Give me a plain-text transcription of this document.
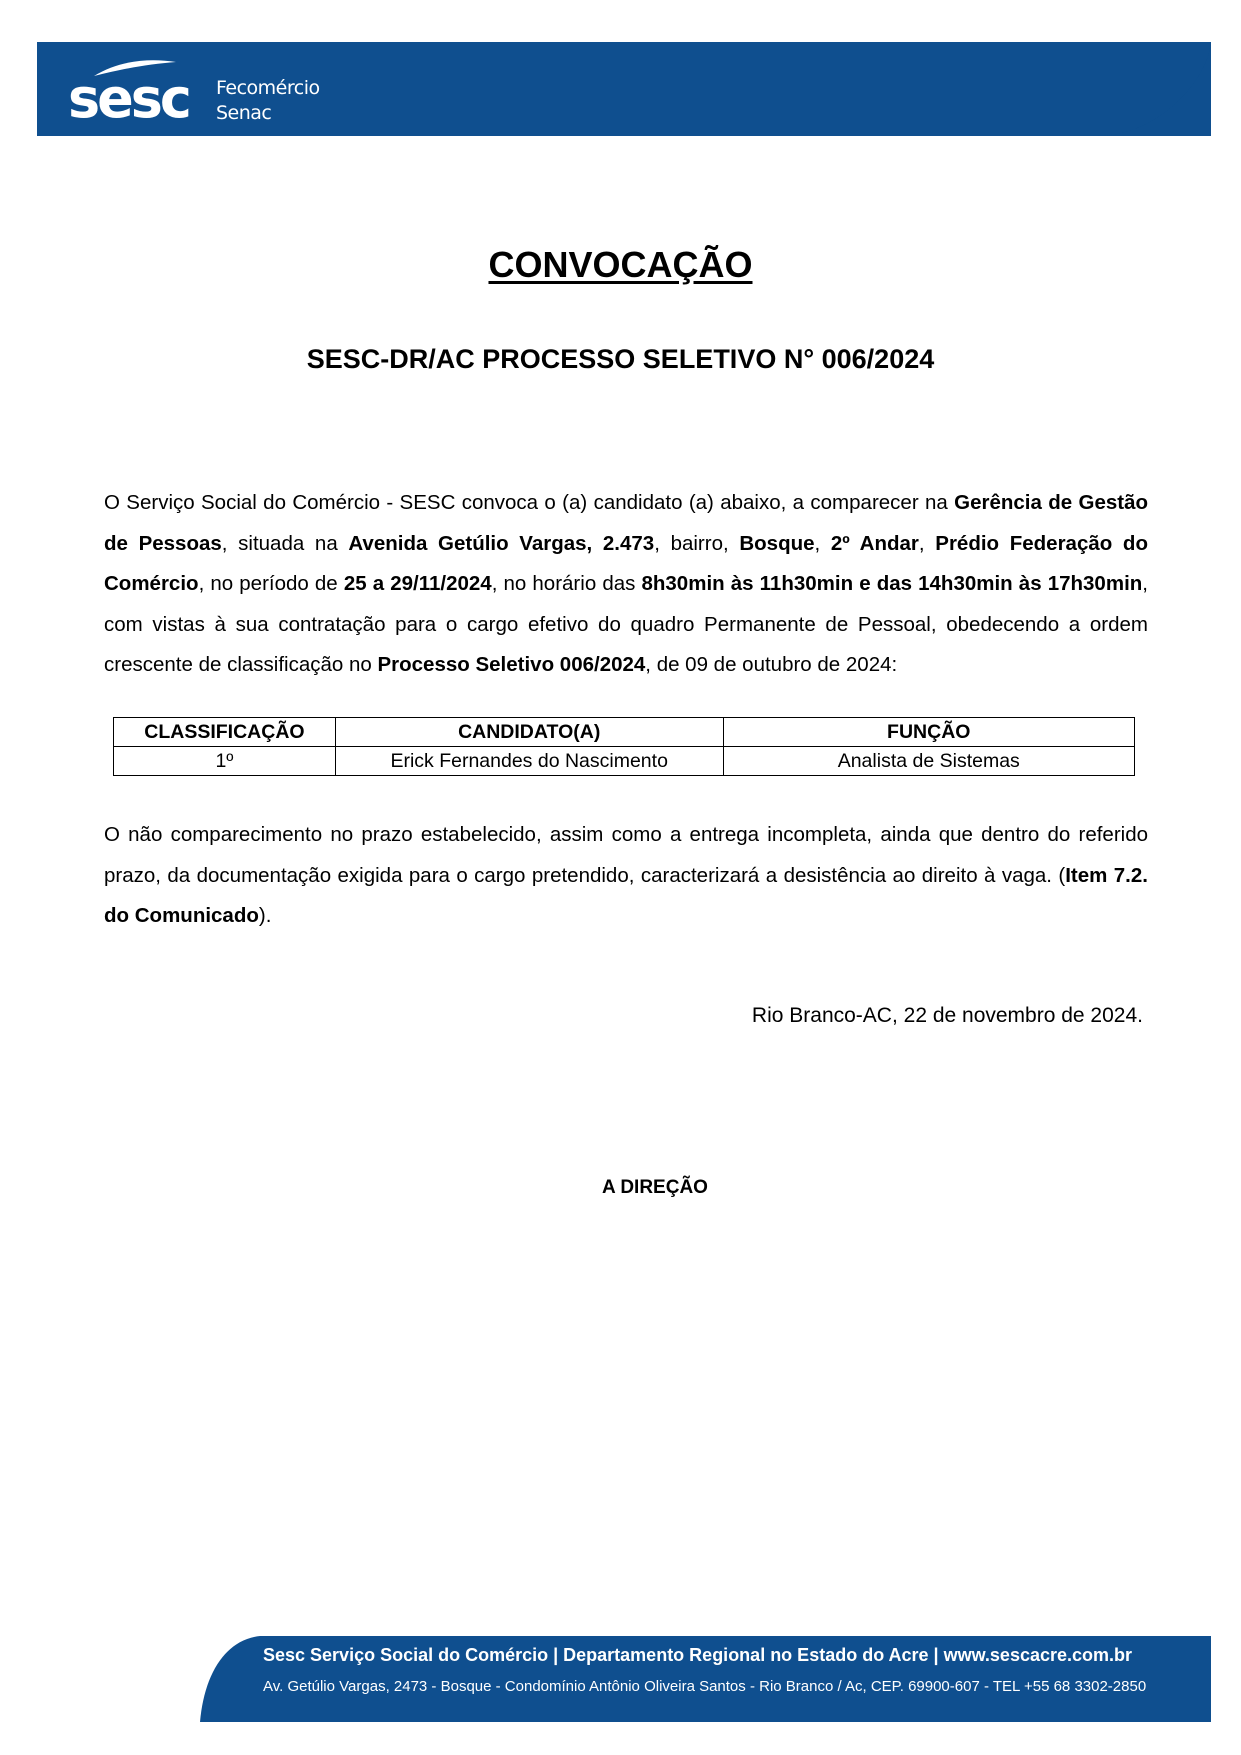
sesc Fecomércio
Senac
CONVOCAÇÃO
SESC-DR/AC PROCESSO SELETIVO N° 006/2024
O Serviço Social do Comércio - SESC convoca o (a) candidato (a) abaixo, a comparecer na Gerência de Gestão de Pessoas, situada na Avenida Getúlio Vargas, 2.473, bairro, Bosque, 2º Andar, Prédio Federação do Comércio, no período de 25 a 29/11/2024, no horário das 8h30min às 11h30min e das 14h30min às 17h30min, com vistas à sua contratação para o cargo efetivo do quadro Permanente de Pessoal, obedecendo a ordem crescente de classificação no Processo Seletivo 006/2024, de 09 de outubro de 2024:
CLASSIFICAÇÃO	CANDIDATO(A)	FUNÇÃO
1º	Erick Fernandes do Nascimento	Analista de Sistemas
O não comparecimento no prazo estabelecido, assim como a entrega incompleta, ainda que dentro do referido prazo, da documentação exigida para o cargo pretendido, caracterizará a desistência ao direito à vaga. (Item 7.2. do Comunicado).
Rio Branco-AC, 22 de novembro de 2024.
A DIREÇÃO
Sesc Serviço Social do Comércio | Departamento Regional no Estado do Acre | www.sescacre.com.br
Av. Getúlio Vargas, 2473 - Bosque - Condomínio Antônio Oliveira Santos - Rio Branco / Ac, CEP. 69900-607 - TEL +55 68 3302-2850
